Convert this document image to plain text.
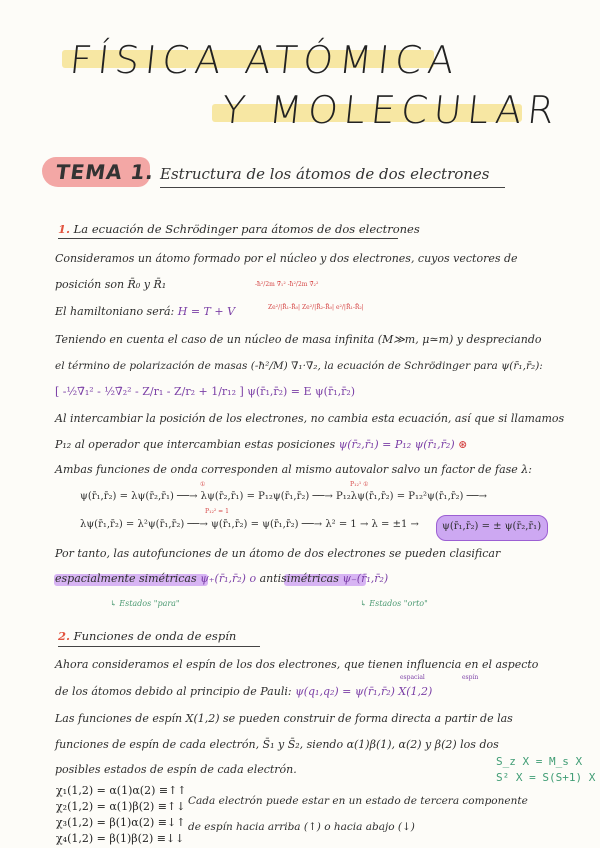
FÍSICA ATÓMICA
Y MOLECULAR
TEMA 1. Estructura de los átomos de dos electrones
1. La ecuación de Schrödinger para átomos de dos electrones
Consideramos un átomo formado por el núcleo y dos electrones, cuyos vectores de
posición son R̄₀ y R̄₁	-ħ²/2m ∇̄₁² -ħ²/2m ∇̄₂²
Ze²/|R̄₁-R̄₀| Ze²/|R̄₂-R̄₀| e²/|R̄₁-R̄₂|
El hamiltoniano será: H = T + V
Teniendo en cuenta el caso de un núcleo de masa infinita (M≫m, μ≃m) y despreciando
el término de polarización de masas (-ħ²/M) ∇̄₁·∇̄₂, la ecuación de Schrödinger para ψ(r̄₁,r̄₂):
[ -½∇̄₁² - ½∇̄₂² - Z/r₁ - Z/r₂ + 1/r₁₂ ] ψ(r̄₁,r̄₂) = E ψ(r̄₁,r̄₂)
Al intercambiar la posición de los electrones, no cambia esta ecuación, así que si llamamos
P₁₂ al operador que intercambian estas posiciones ψ(r̄₂,r̄₁) = P₁₂ ψ(r̄₁,r̄₂) ⊛
Ambas funciones de onda corresponden al mismo autovalor salvo un factor de fase λ:
①	P₁₂¹ ①
ψ(r̄₁,r̄₂) = λψ(r̄₂,r̄₁) ──→ λψ(r̄₂,r̄₁) = P₁₂ψ(r̄₁,r̄₂) ──→ P₁₂λψ(r̄₁,r̄₂) = P₁₂²ψ(r̄₁,r̄₂) ──→
P₁₂² = 1
λψ(r̄₁,r̄₂) = λ²ψ(r̄₁,r̄₂) ──→ ψ(r̄₁,r̄₂) = ψ(r̄₁,r̄₂) ──→ λ² = 1 → λ = ±1 → ψ(r̄₁,r̄₂) = ± ψ(r̄₂,r̄₁)
Por tanto, las autofunciones de un átomo de dos electrones se pueden clasificar
espacialmente simétricas ψ₊(r̄₁,r̄₂) o antisimétricas ψ₋(r̄₁,r̄₂)
↳ Estados "para"	↳ Estados "orto"
2. Funciones de onda de espín
Ahora consideramos el espín de los dos electrones, que tienen influencia en el aspecto
espacial	espín
de los átomos debido al principio de Pauli: ψ(q₁,q₂) = ψ(r̄₁,r̄₂) X(1,2)
Las funciones de espín X(1,2) se pueden construir de forma directa a partir de las
funciones de espín de cada electrón, S̄₁ y S̄₂, siendo α(1)β(1), α(2) y β(2) los dos
posibles estados de espín de cada electrón.
S_z X = M_s X
S² X = S(S+1) X
χ₁(1,2) = α(1)α(2) ≡↑↑
χ₂(1,2) = α(1)β(2) ≡↑↓
χ₃(1,2) = β(1)α(2) ≡↓↑
χ₄(1,2) = β(1)β(2) ≡↓↓
Cada electrón puede estar en un estado de tercera componente
de espín hacia arriba (↑) o hacia abajo (↓)
